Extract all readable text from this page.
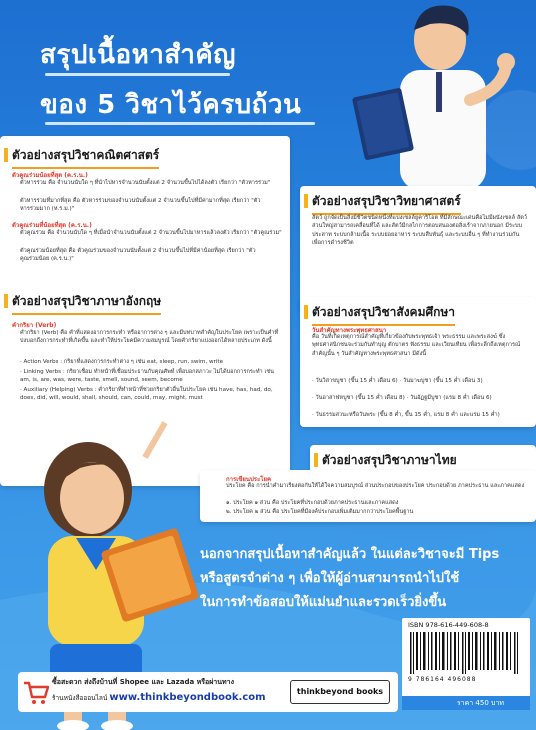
สรุปเนื้อหาสำคัญ
ของ 5 วิชาไว้ครบถ้วน
ตัวอย่างสรุปวิชาคณิตศาสตร์
ตัวคูณร่วมน้อยที่สุด (ค.ร.น.)
ตัวหารร่วม คือ จำนวนนับใด ๆ ที่นำไปหารจำนวนนับตั้งแต่ 2 จำนวนขึ้นไปได้ลงตัว เรียกว่า "ตัวหารร่วม"
ตัวหารร่วมที่มากที่สุด คือ ตัวหารร่วมของจำนวนนับตั้งแต่ 2 จำนวนขึ้นไปที่มีค่ามากที่สุด เรียกว่า "ตัวหารร่วมมาก (ห.ร.ม.)"
ตัวคูณร่วมที่น้อยที่สุด (ค.ร.น.)
ตัวคูณร่วม คือ จำนวนนับใด ๆ ที่เมื่อนำจำนวนนับตั้งแต่ 2 จำนวนขึ้นไปมาหารแล้วลงตัว เรียกว่า "ตัวคูณร่วม"
ตัวคูณร่วมน้อยที่สุด คือ ตัวคูณร่วมของจำนวนนับตั้งแต่ 2 จำนวนขึ้นไปที่มีค่าน้อยที่สุด เรียกว่า "ตัวคูณร่วมน้อย (ค.ร.น.)"
ตัวอย่างสรุปวิชาภาษาอังกฤษ
คำกริยา (Verb)
คำกริยา (Verb) คือ คำที่แสดงอาการกระทำ หรืออาการต่าง ๆ และมีบทบาทสำคัญในประโยค เพราะเป็นคำที่บ่งบอกถึงการกระทำที่เกิดขึ้น และทำให้ประโยคมีความสมบูรณ์ โดยคำกริยาแบ่งออกได้หลายประเภท ดังนี้
· Action Verbs : กริยาที่แสดงการกระทำต่าง ๆ เช่น eat, sleep, run, swim, write
· Linking Verbs : กริยาเชื่อม ทำหน้าที่เชื่อมประธานกับคุณศัพท์ เพื่อบอกสภาวะ ไม่ได้บอกการกระทำ เช่น am, is, are, was, were, taste, smell, sound, seem, become
· Auxiliary (Helping) Verbs : คำกริยาที่ทำหน้าที่ช่วยกริยาตัวอื่นในประโยค เช่น have, has, had, do, does, did, will, would, shall, should, can, could, may, might, must
ตัวอย่างสรุปวิชาวิทยาศาสตร์
สัตว์ ถูกจัดเป็นสิ่งมีชีวิตชนิดหนึ่งที่แบ่งเซลล์ยูคาริโอต ที่มีลักษณะเด่นคือไม่มีผนังเซลล์ สัตว์ส่วนใหญ่สามารถเคลื่อนที่ได้ และสัตว์มีกลไกการตอบสนองต่อสิ่งเร้าจากภายนอก มีระบบประสาท ระบบกล้ามเนื้อ ระบบย่อยอาหาร ระบบสืบพันธุ์ และระบบอื่น ๆ ที่ทำงานร่วมกันเพื่อการดำรงชีวิต
ตัวอย่างสรุปวิชาสังคมศึกษา
วันสำคัญทางพระพุทธศาสนา
คือ วันที่เกิดเหตุการณ์สำคัญที่เกี่ยวข้องกับพระพุทธเจ้า พระธรรม และพระสงฆ์ ซึ่งพุทธศาสนิกชนจะร่วมกันทำบุญ ตักบาตร ฟังธรรม และเวียนเทียน เพื่อระลึกถึงเหตุการณ์สำคัญนั้น ๆ วันสำคัญทางพระพุทธศาสนา มีดังนี้
· วันวิสาขบูชา (ขึ้น 15 ค่ำ เดือน 6) · วันมาฆบูชา (ขึ้น 15 ค่ำ เดือน 3)
· วันอาสาฬหบูชา (ขึ้น 15 ค่ำ เดือน 8) · วันอัฏฐมีบูชา (แรม 8 ค่ำ เดือน 6)
· วันธรรมสวนะหรือวันพระ (ขึ้น 8 ค่ำ, ขึ้น 15 ค่ำ, แรม 8 ค่ำ และแรม 15 ค่ำ)
ตัวอย่างสรุปวิชาภาษาไทย
การเขียนประโยค
ประโยค คือ การนำคำมาเรียงต่อกันให้ได้ใจความสมบูรณ์ ส่วนประกอบของประโยค ประกอบด้วย ภาคประธาน และภาคแสดง
๑. ประโยค ๑ ส่วน คือ ประโยคที่ประกอบด้วยภาคประธานและภาคแสดง
๒. ประโยค ๒ ส่วน คือ ประโยคที่มีองค์ประกอบเพิ่มเติมมากกว่าประโยคพื้นฐาน
นอกจากสรุปเนื้อหาสำคัญแล้ว ในแต่ละวิชาจะมี Tips
หรือสูตรจำต่าง ๆ เพื่อให้ผู้อ่านสามารถนำไปใช้
ในการทำข้อสอบให้แม่นยำและรวดเร็วยิ่งขึ้น
ISBN 978-616-449-608-8
9 786164 496088
ราคา 450 บาท
ซื้อสะดวก ส่งถึงบ้านที่ Shopee และ Lazada หรือผ่านทาง
ร้านหนังสือออนไลน์ www.thinkbeyondbook.com
thinkbeyond books
